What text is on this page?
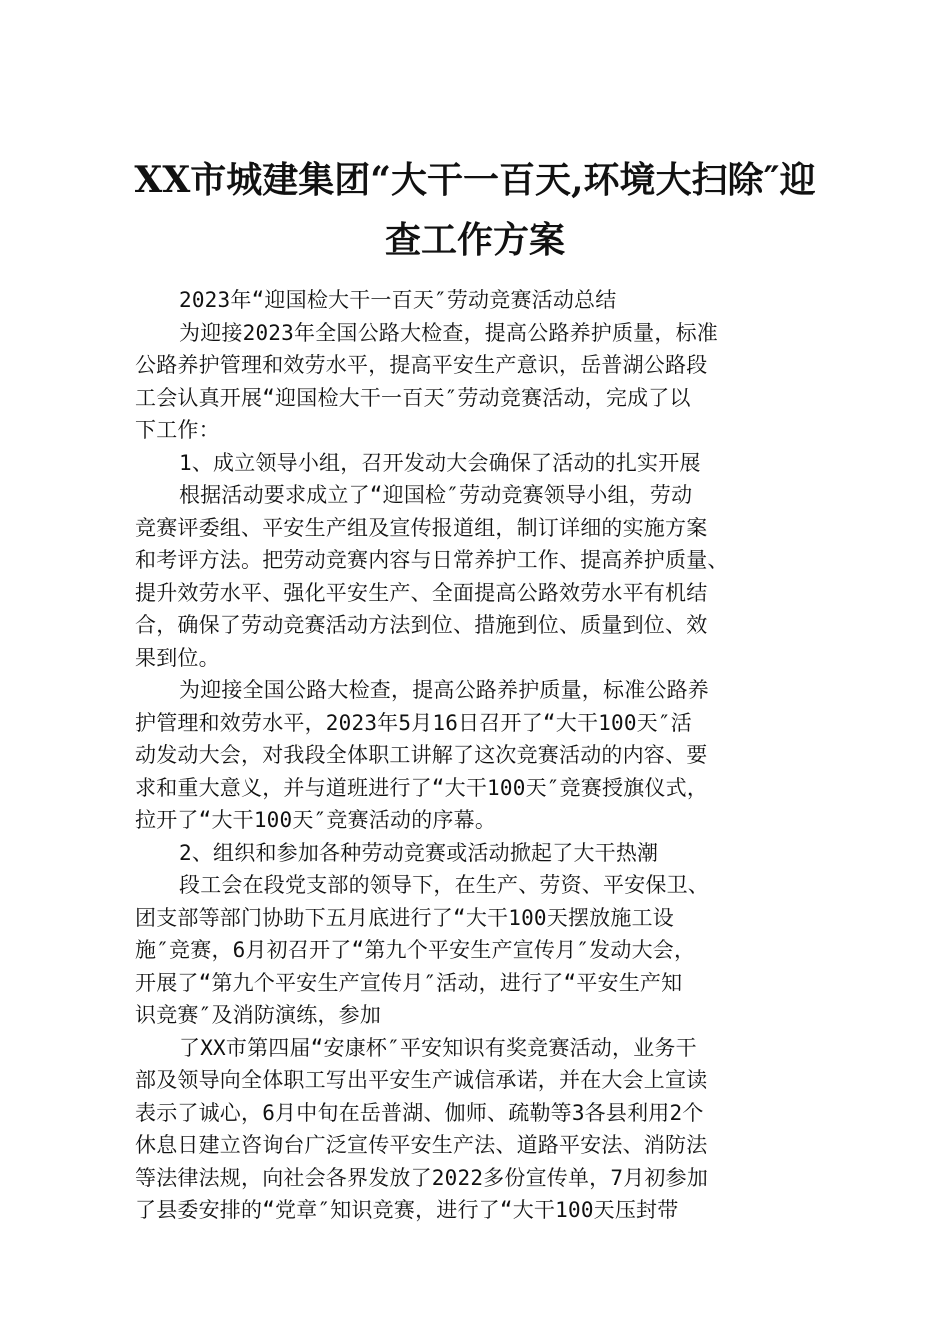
XX市城建集团“大干一百天,环境大扫除″迎
查工作方案
2023年“迎国检大干一百天″劳动竞赛活动总结
为迎接2023年全国公路大检查，提高公路养护质量，标准
公路养护管理和效劳水平，提高平安生产意识，岳普湖公路段
工会认真开展“迎国检大干一百天″劳动竞赛活动，完成了以
下工作：
1、成立领导小组，召开发动大会确保了活动的扎实开展
根据活动要求成立了“迎国检″劳动竞赛领导小组，劳动
竞赛评委组、平安生产组及宣传报道组，制订详细的实施方案
和考评方法。把劳动竞赛内容与日常养护工作、提高养护质量、
提升效劳水平、强化平安生产、全面提高公路效劳水平有机结
合，确保了劳动竞赛活动方法到位、措施到位、质量到位、效
果到位。
为迎接全国公路大检查，提高公路养护质量，标准公路养
护管理和效劳水平，2023年5月16日召开了“大干100天″活
动发动大会，对我段全体职工讲解了这次竞赛活动的内容、要
求和重大意义，并与道班进行了“大干100天″竞赛授旗仪式，
拉开了“大干100天″竞赛活动的序幕。
2、组织和参加各种劳动竞赛或活动掀起了大干热潮
段工会在段党支部的领导下，在生产、劳资、平安保卫、
团支部等部门协助下五月底进行了“大干100天摆放施工设
施″竞赛，6月初召开了“第九个平安生产宣传月″发动大会，
开展了“第九个平安生产宣传月″活动，进行了“平安生产知
识竞赛″及消防演练，参加
了XX市第四届“安康杯″平安知识有奖竞赛活动，业务干
部及领导向全体职工写出平安生产诚信承诺，并在大会上宣读
表示了诚心，6月中旬在岳普湖、伽师、疏勒等3各县利用2个
休息日建立咨询台广泛宣传平安生产法、道路平安法、消防法
等法律法规，向社会各界发放了2022多份宣传单，7月初参加
了县委安排的“党章″知识竞赛，进行了“大干100天压封带
